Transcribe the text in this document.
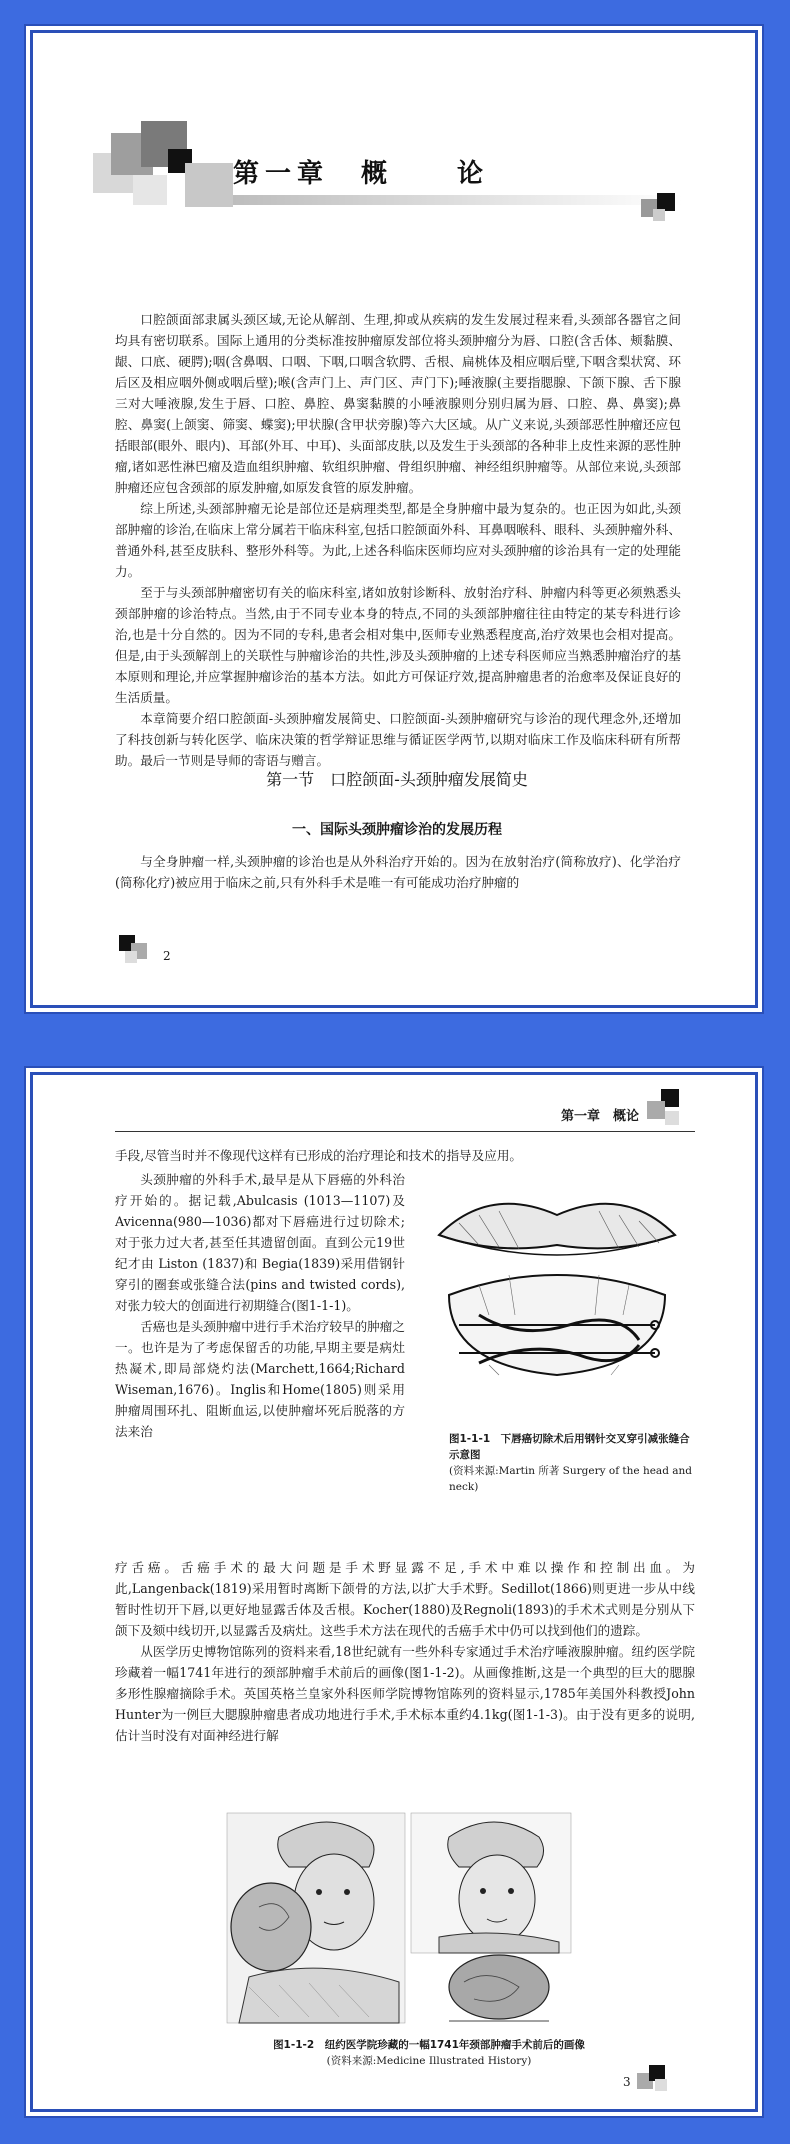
第一章　概　　论

口腔颌面部隶属头颈区域,无论从解剖、生理,抑或从疾病的发生发展过程来看,头颈部各器官之间均具有密切联系。国际上通用的分类标准按肿瘤原发部位将头颈肿瘤分为唇、口腔(含舌体、颊黏膜、龈、口底、硬腭);咽(含鼻咽、口咽、下咽,口咽含软腭、舌根、扁桃体及相应咽后壁,下咽含梨状窝、环后区及相应咽外侧或咽后壁);喉(含声门上、声门区、声门下);唾液腺(主要指腮腺、下颌下腺、舌下腺三对大唾液腺,发生于唇、口腔、鼻腔、鼻窦黏膜的小唾液腺则分别归属为唇、口腔、鼻、鼻窦);鼻腔、鼻窦(上颌窦、筛窦、蝶窦);甲状腺(含甲状旁腺)等六大区域。从广义来说,头颈部恶性肿瘤还应包括眼部(眼外、眼内)、耳部(外耳、中耳)、头面部皮肤,以及发生于头颈部的各种非上皮性来源的恶性肿瘤,诸如恶性淋巴瘤及造血组织肿瘤、软组织肿瘤、骨组织肿瘤、神经组织肿瘤等。从部位来说,头颈部肿瘤还应包含颈部的原发肿瘤,如原发食管的原发肿瘤。

综上所述,头颈部肿瘤无论是部位还是病理类型,都是全身肿瘤中最为复杂的。也正因为如此,头颈部肿瘤的诊治,在临床上常分属若干临床科室,包括口腔颌面外科、耳鼻咽喉科、眼科、头颈肿瘤外科、普通外科,甚至皮肤科、整形外科等。为此,上述各科临床医师均应对头颈肿瘤的诊治具有一定的处理能力。

至于与头颈部肿瘤密切有关的临床科室,诸如放射诊断科、放射治疗科、肿瘤内科等更必须熟悉头颈部肿瘤的诊治特点。当然,由于不同专业本身的特点,不同的头颈部肿瘤往往由特定的某专科进行诊治,也是十分自然的。因为不同的专科,患者会相对集中,医师专业熟悉程度高,治疗效果也会相对提高。但是,由于头颈解剖上的关联性与肿瘤诊治的共性,涉及头颈肿瘤的上述专科医师应当熟悉肿瘤治疗的基本原则和理论,并应掌握肿瘤诊治的基本方法。如此方可保证疗效,提高肿瘤患者的治愈率及保证良好的生活质量。

本章简要介绍口腔颌面-头颈肿瘤发展简史、口腔颌面-头颈肿瘤研究与诊治的现代理念外,还增加了科技创新与转化医学、临床决策的哲学辩证思维与循证医学两节,以期对临床工作及临床科研有所帮助。最后一节则是导师的寄语与赠言。

第一节　口腔颌面-头颈肿瘤发展简史
一、国际头颈肿瘤诊治的发展历程

与全身肿瘤一样,头颈肿瘤的诊治也是从外科治疗开始的。因为在放射治疗(简称放疗)、化学治疗(简称化疗)被应用于临床之前,只有外科手术是唯一有可能成功治疗肿瘤的

2
第一章　概论

手段,尽管当时并不像现代这样有已形成的治疗理论和技术的指导及应用。

头颈肿瘤的外科手术,最早是从下唇癌的外科治疗开始的。据记载,Abulcasis (1013—1107)及 Avicenna(980—1036)都对下唇癌进行过切除术;对于张力过大者,甚至任其遗留创面。直到公元19世纪才由 Liston (1837)和 Begia(1839)采用借钢针穿引的圈套或张缝合法(pins and twisted cords),对张力较大的创面进行初期缝合(图1-1-1)。

舌癌也是头颈肿瘤中进行手术治疗较早的肿瘤之一。也许是为了考虑保留舌的功能,早期主要是病灶热凝术,即局部烧灼法(Marchett,1664;Richard Wiseman,1676)。Inglis和Home(1805)则采用肿瘤周围环扎、阻断血运,以使肿瘤坏死后脱落的方法来治	图1-1-1　下唇癌切除术后用钢针交叉穿引减张缝合示意图
(资料来源:Martin 所著 Surgery of the head and neck)

疗舌癌。舌癌手术的最大问题是手术野显露不足,手术中难以操作和控制出血。为此,Langenback(1819)采用暂时离断下颌骨的方法,以扩大手术野。Sedillot(1866)则更进一步从中线暂时性切开下唇,以更好地显露舌体及舌根。Kocher(1880)及Regnoli(1893)的手术术式则是分别从下颌下及颏中线切开,以显露舌及病灶。这些手术方法在现代的舌癌手术中仍可以找到他们的遗踪。

从医学历史博物馆陈列的资料来看,18世纪就有一些外科专家通过手术治疗唾液腺肿瘤。纽约医学院珍藏着一幅1741年进行的颈部肿瘤手术前后的画像(图1-1-2)。从画像推断,这是一个典型的巨大的腮腺多形性腺瘤摘除手术。英国英格兰皇家外科医师学院博物馆陈列的资料显示,1785年美国外科教授John Hunter为一例巨大腮腺肿瘤患者成功地进行手术,手术标本重约4.1kg(图1-1-3)。由于没有更多的说明,估计当时没有对面神经进行解

图1-1-2　纽约医学院珍藏的一幅1741年颈部肿瘤手术前后的画像
(资料来源:Medicine Illustrated History)
3
